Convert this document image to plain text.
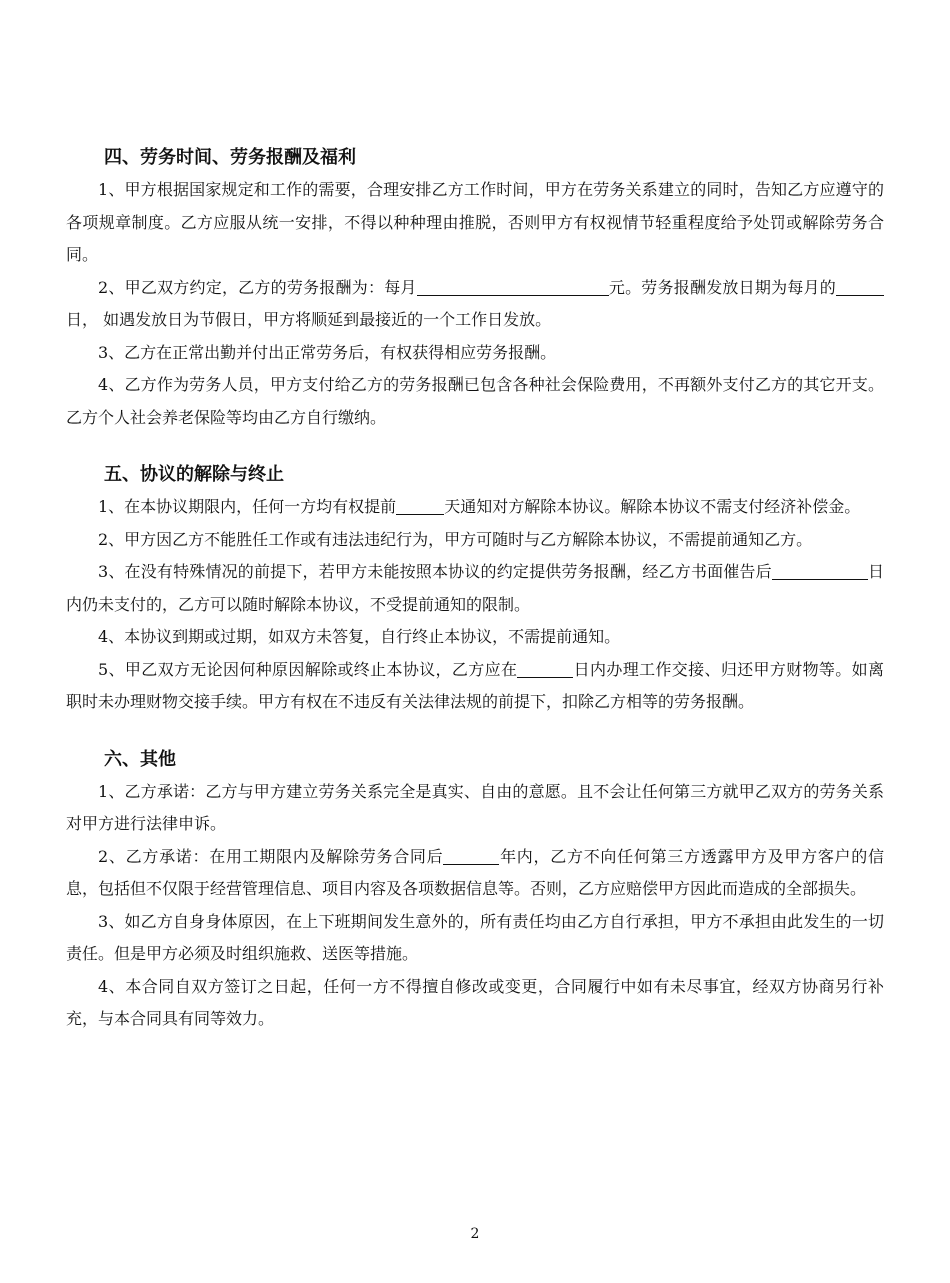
四、劳务时间、劳务报酬及福利

1、甲方根据国家规定和工作的需要，合理安排乙方工作时间，甲方在劳务关系建立的同时，告知乙方应遵守的各项规章制度。乙方应服从统一安排，不得以种种理由推脱，否则甲方有权视情节轻重程度给予处罚或解除劳务合同。

2、甲乙双方约定，乙方的劳务报酬为：每月	元。劳务报酬发放日期为每月的 日， 如遇发放日为节假日，甲方将顺延到最接近的一个工作日发放。

3、乙方在正常出勤并付出正常劳务后，有权获得相应劳务报酬。

4、乙方作为劳务人员，甲方支付给乙方的劳务报酬已包含各种社会保险费用，不再额外支付乙方的其它开支。乙方个人社会养老保险等均由乙方自行缴纳。

五、协议的解除与终止

1、在本协议期限内，任何一方均有权提前	天通知对方解除本协议。解除本协议不需支付经济补偿金。

2、甲方因乙方不能胜任工作或有违法违纪行为，甲方可随时与乙方解除本协议，不需提前通知乙方。

3、在没有特殊情况的前提下，若甲方未能按照本协议的约定提供劳务报酬，经乙方书面催告后	日内仍未支付的，乙方可以随时解除本协议，不受提前通知的限制。

4、本协议到期或过期，如双方未答复，自行终止本协议，不需提前通知。

5、甲乙双方无论因何种原因解除或终止本协议，乙方应在	日内办理工作交接、归还甲方财物等。如离职时未办理财物交接手续。甲方有权在不违反有关法律法规的前提下，扣除乙方相等的劳务报酬。

六、其他

1、乙方承诺：乙方与甲方建立劳务关系完全是真实、自由的意愿。且不会让任何第三方就甲乙双方的劳务关系对甲方进行法律申诉。

2、乙方承诺：在用工期限内及解除劳务合同后	年内，乙方不向任何第三方透露甲方及甲方客户的信息，包括但不仅限于经营管理信息、项目内容及各项数据信息等。否则，乙方应赔偿甲方因此而造成的全部损失。

3、如乙方自身身体原因，在上下班期间发生意外的，所有责任均由乙方自行承担，甲方不承担由此发生的一切责任。但是甲方必须及时组织施救、送医等措施。

4、本合同自双方签订之日起，任何一方不得擅自修改或变更，合同履行中如有未尽事宜，经双方协商另行补充，与本合同具有同等效力。

2
